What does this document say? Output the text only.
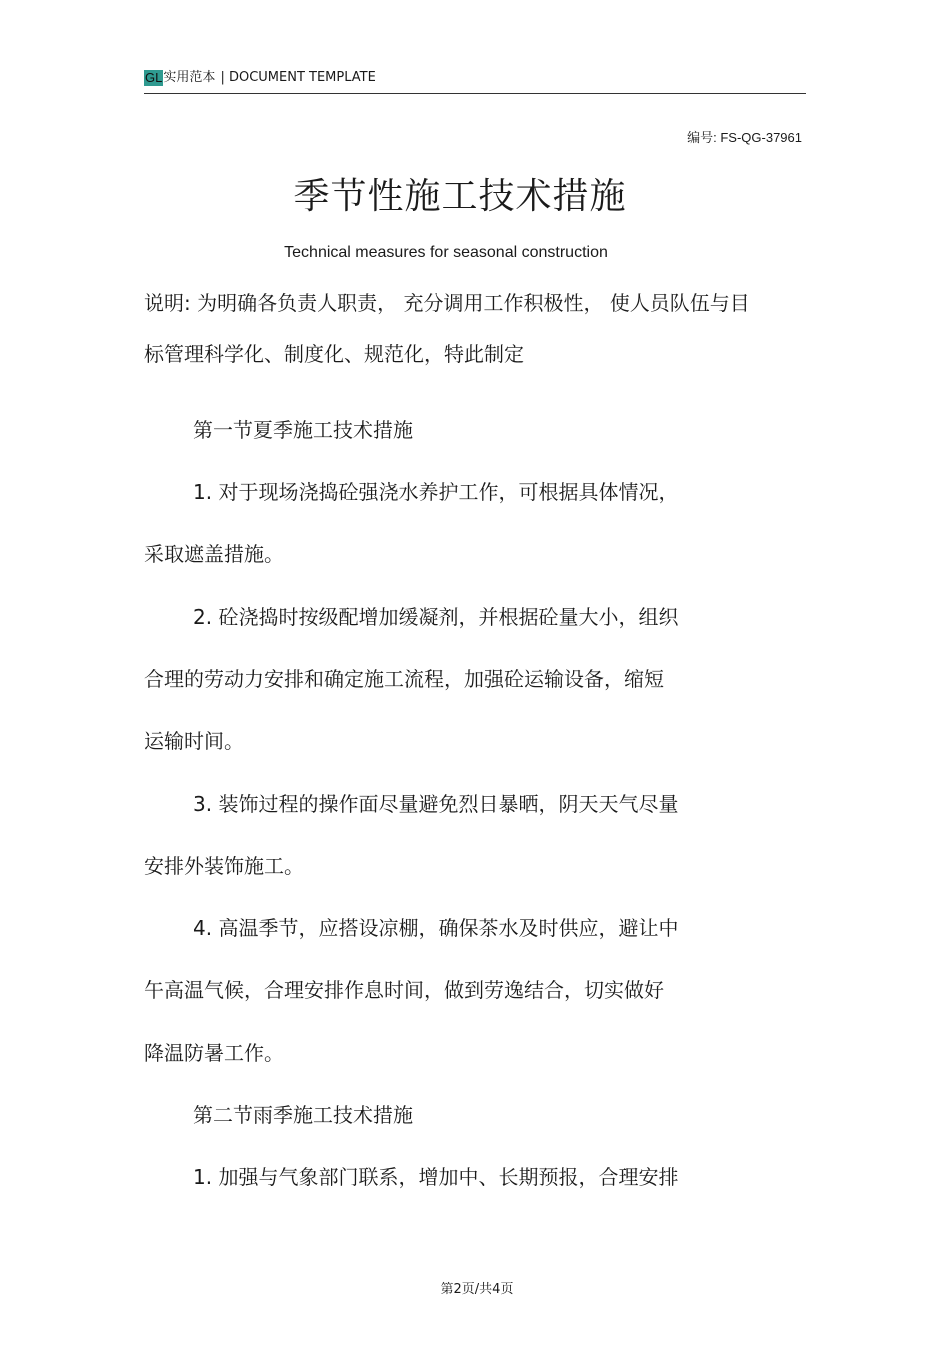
$GL^{实用范本}$ $^{| DOCUMENT TEMPLATE}$
编号: FS-QG-37961
季节性施工技术措施
Technical measures for seasonal construction
说明: 为明确各负责人职责， 充分调用工作积极性， 使人员队伍与目
标管理科学化、制度化、规范化，特此制定
第一节夏季施工技术措施
1. 对于现场浇捣砼强浇水养护工作，可根据具体情况，
采取遮盖措施。
2. 砼浇捣时按级配增加缓凝剂，并根据砼量大小，组织
合理的劳动力安排和确定施工流程，加强砼运输设备，缩短
运输时间。
3. 装饰过程的操作面尽量避免烈日暴晒，阴天天气尽量
安排外装饰施工。
4. 高温季节，应搭设凉棚，确保茶水及时供应，避让中
午高温气候，合理安排作息时间，做到劳逸结合，切实做好
降温防暑工作。
第二节雨季施工技术措施
1. 加强与气象部门联系，增加中、长期预报，合理安排
第2页/共4页
